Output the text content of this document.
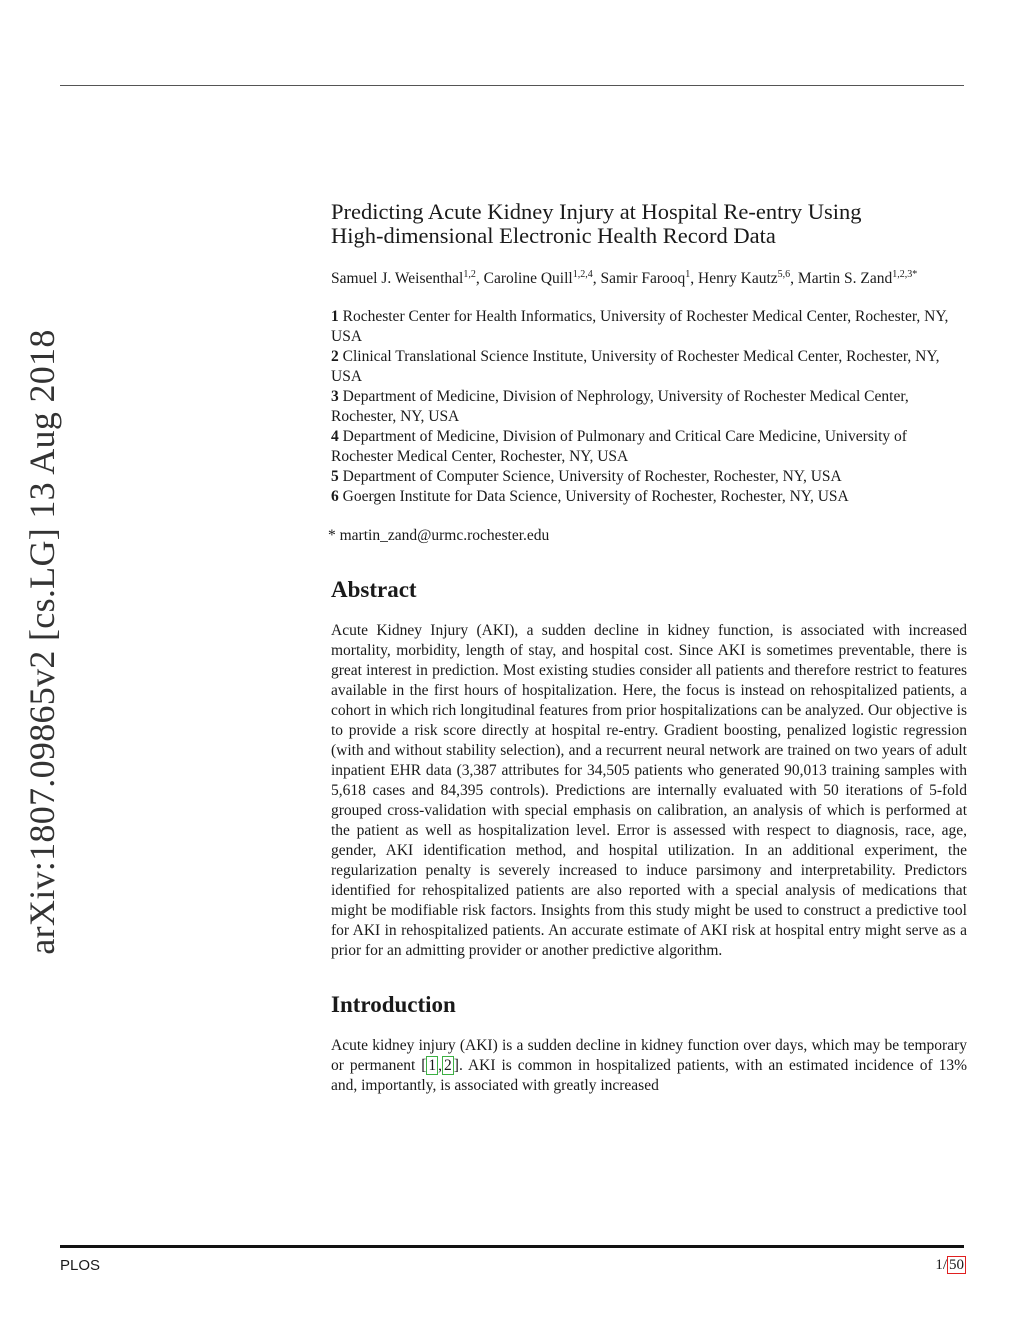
arXiv:1807.09865v2 [cs.LG] 13 Aug 2018
Predicting Acute Kidney Injury at Hospital Re-entry Using
High-dimensional Electronic Health Record Data
Samuel J. Weisenthal$^{1,2}$, Caroline Quill$^{1,2,4}$, Samir Farooq$^1$, Henry Kautz$^{5,6}$, Martin S. Zand$^{1,2,3*}$
1 Rochester Center for Health Informatics, University of Rochester Medical Center, Rochester, NY, USA
2 Clinical Translational Science Institute, University of Rochester Medical Center, Rochester, NY, USA
3 Department of Medicine, Division of Nephrology, University of Rochester Medical Center, Rochester, NY, USA
4 Department of Medicine, Division of Pulmonary and Critical Care Medicine, University of Rochester Medical Center, Rochester, NY, USA
5 Department of Computer Science, University of Rochester, Rochester, NY, USA
6 Goergen Institute for Data Science, University of Rochester, Rochester, NY, USA
* martin_zand@urmc.rochester.edu
Abstract

Acute Kidney Injury (AKI), a sudden decline in kidney function, is associated with increased mortality, morbidity, length of stay, and hospital cost. Since AKI is sometimes preventable, there is great interest in prediction. Most existing studies consider all patients and therefore restrict to features available in the first hours of hospitalization. Here, the focus is instead on rehospitalized patients, a cohort in which rich longitudinal features from prior hospitalizations can be analyzed. Our objective is to provide a risk score directly at hospital re-entry. Gradient boosting, penalized logistic regression (with and without stability selection), and a recurrent neural network are trained on two years of adult inpatient EHR data (3,387 attributes for 34,505 patients who generated 90,013 training samples with 5,618 cases and 84,395 controls). Predictions are internally evaluated with 50 iterations of 5-fold grouped cross-validation with special emphasis on calibration, an analysis of which is performed at the patient as well as hospitalization level. Error is assessed with respect to diagnosis, race, age, gender, AKI identification method, and hospital utilization. In an additional experiment, the regularization penalty is severely increased to induce parsimony and interpretability. Predictors identified for rehospitalized patients are also reported with a special analysis of medications that might be modifiable risk factors. Insights from this study might be used to construct a predictive tool for AKI in rehospitalized patients. An accurate estimate of AKI risk at hospital entry might serve as a prior for an admitting provider or another predictive algorithm.

Introduction

Acute kidney injury (AKI) is a sudden decline in kidney function over days, which may be temporary or permanent [ 1 , 2 ]. AKI is common in hospitalized patients, with an estimated incidence of 13% and, importantly, is associated with greatly increased

PLOS	1/ 50
